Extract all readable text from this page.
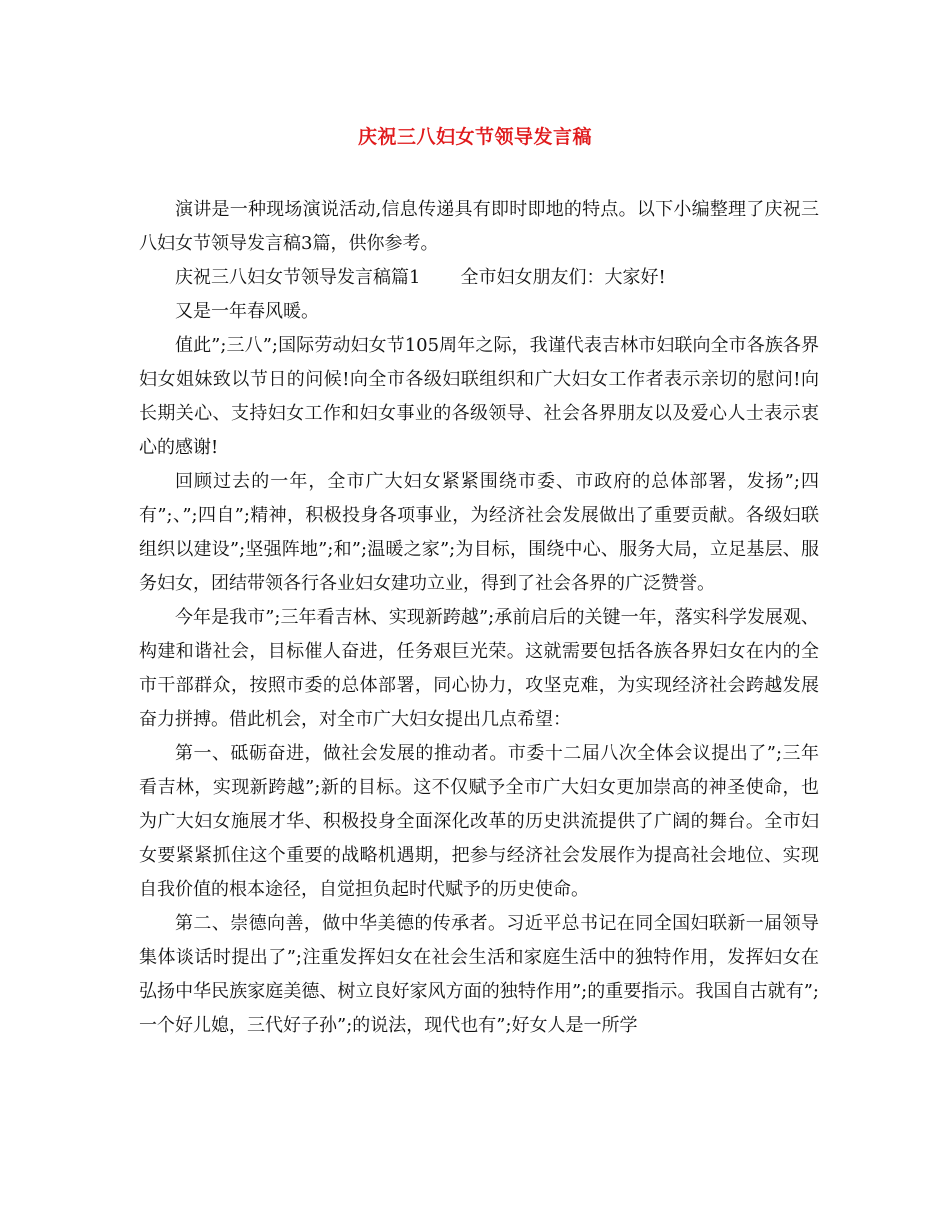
庆祝三八妇女节领导发言稿

演讲是一种现场演说活动,信息传递具有即时即地的特点。以下小编整理了庆祝三八妇女节领导发言稿3篇，供你参考。

庆祝三八妇女节领导发言稿篇1 全市妇女朋友们：大家好!

又是一年春风暖。

值此”;三八”;国际劳动妇女节105周年之际，我谨代表吉林市妇联向全市各族各界妇女姐妹致以节日的问候!向全市各级妇联组织和广大妇女工作者表示亲切的慰问!向长期关心、支持妇女工作和妇女事业的各级领导、社会各界朋友以及爱心人士表示衷心的感谢!

回顾过去的一年，全市广大妇女紧紧围绕市委、市政府的总体部署，发扬”;四有”;、”;四自”;精神，积极投身各项事业，为经济社会发展做出了重要贡献。各级妇联组织以建设”;坚强阵地”;和”;温暖之家”;为目标，围绕中心、服务大局，立足基层、服务妇女，团结带领各行各业妇女建功立业，得到了社会各界的广泛赞誉。

今年是我市”;三年看吉林、实现新跨越”;承前启后的关键一年，落实科学发展观、构建和谐社会，目标催人奋进，任务艰巨光荣。这就需要包括各族各界妇女在内的全市干部群众，按照市委的总体部署，同心协力，攻坚克难，为实现经济社会跨越发展奋力拼搏。借此机会，对全市广大妇女提出几点希望：

第一、砥砺奋进，做社会发展的推动者。市委十二届八次全体会议提出了”;三年看吉林，实现新跨越”;新的目标。这不仅赋予全市广大妇女更加崇高的神圣使命，也为广大妇女施展才华、积极投身全面深化改革的历史洪流提供了广阔的舞台。全市妇女要紧紧抓住这个重要的战略机遇期，把参与经济社会发展作为提高社会地位、实现自我价值的根本途径，自觉担负起时代赋予的历史使命。

第二、崇德向善，做中华美德的传承者。习近平总书记在同全国妇联新一届领导集体谈话时提出了”;注重发挥妇女在社会生活和家庭生活中的独特作用，发挥妇女在弘扬中华民族家庭美德、树立良好家风方面的独特作用”;的重要指示。我国自古就有”;一个好儿媳，三代好子孙”;的说法，现代也有”;好女人是一所学
